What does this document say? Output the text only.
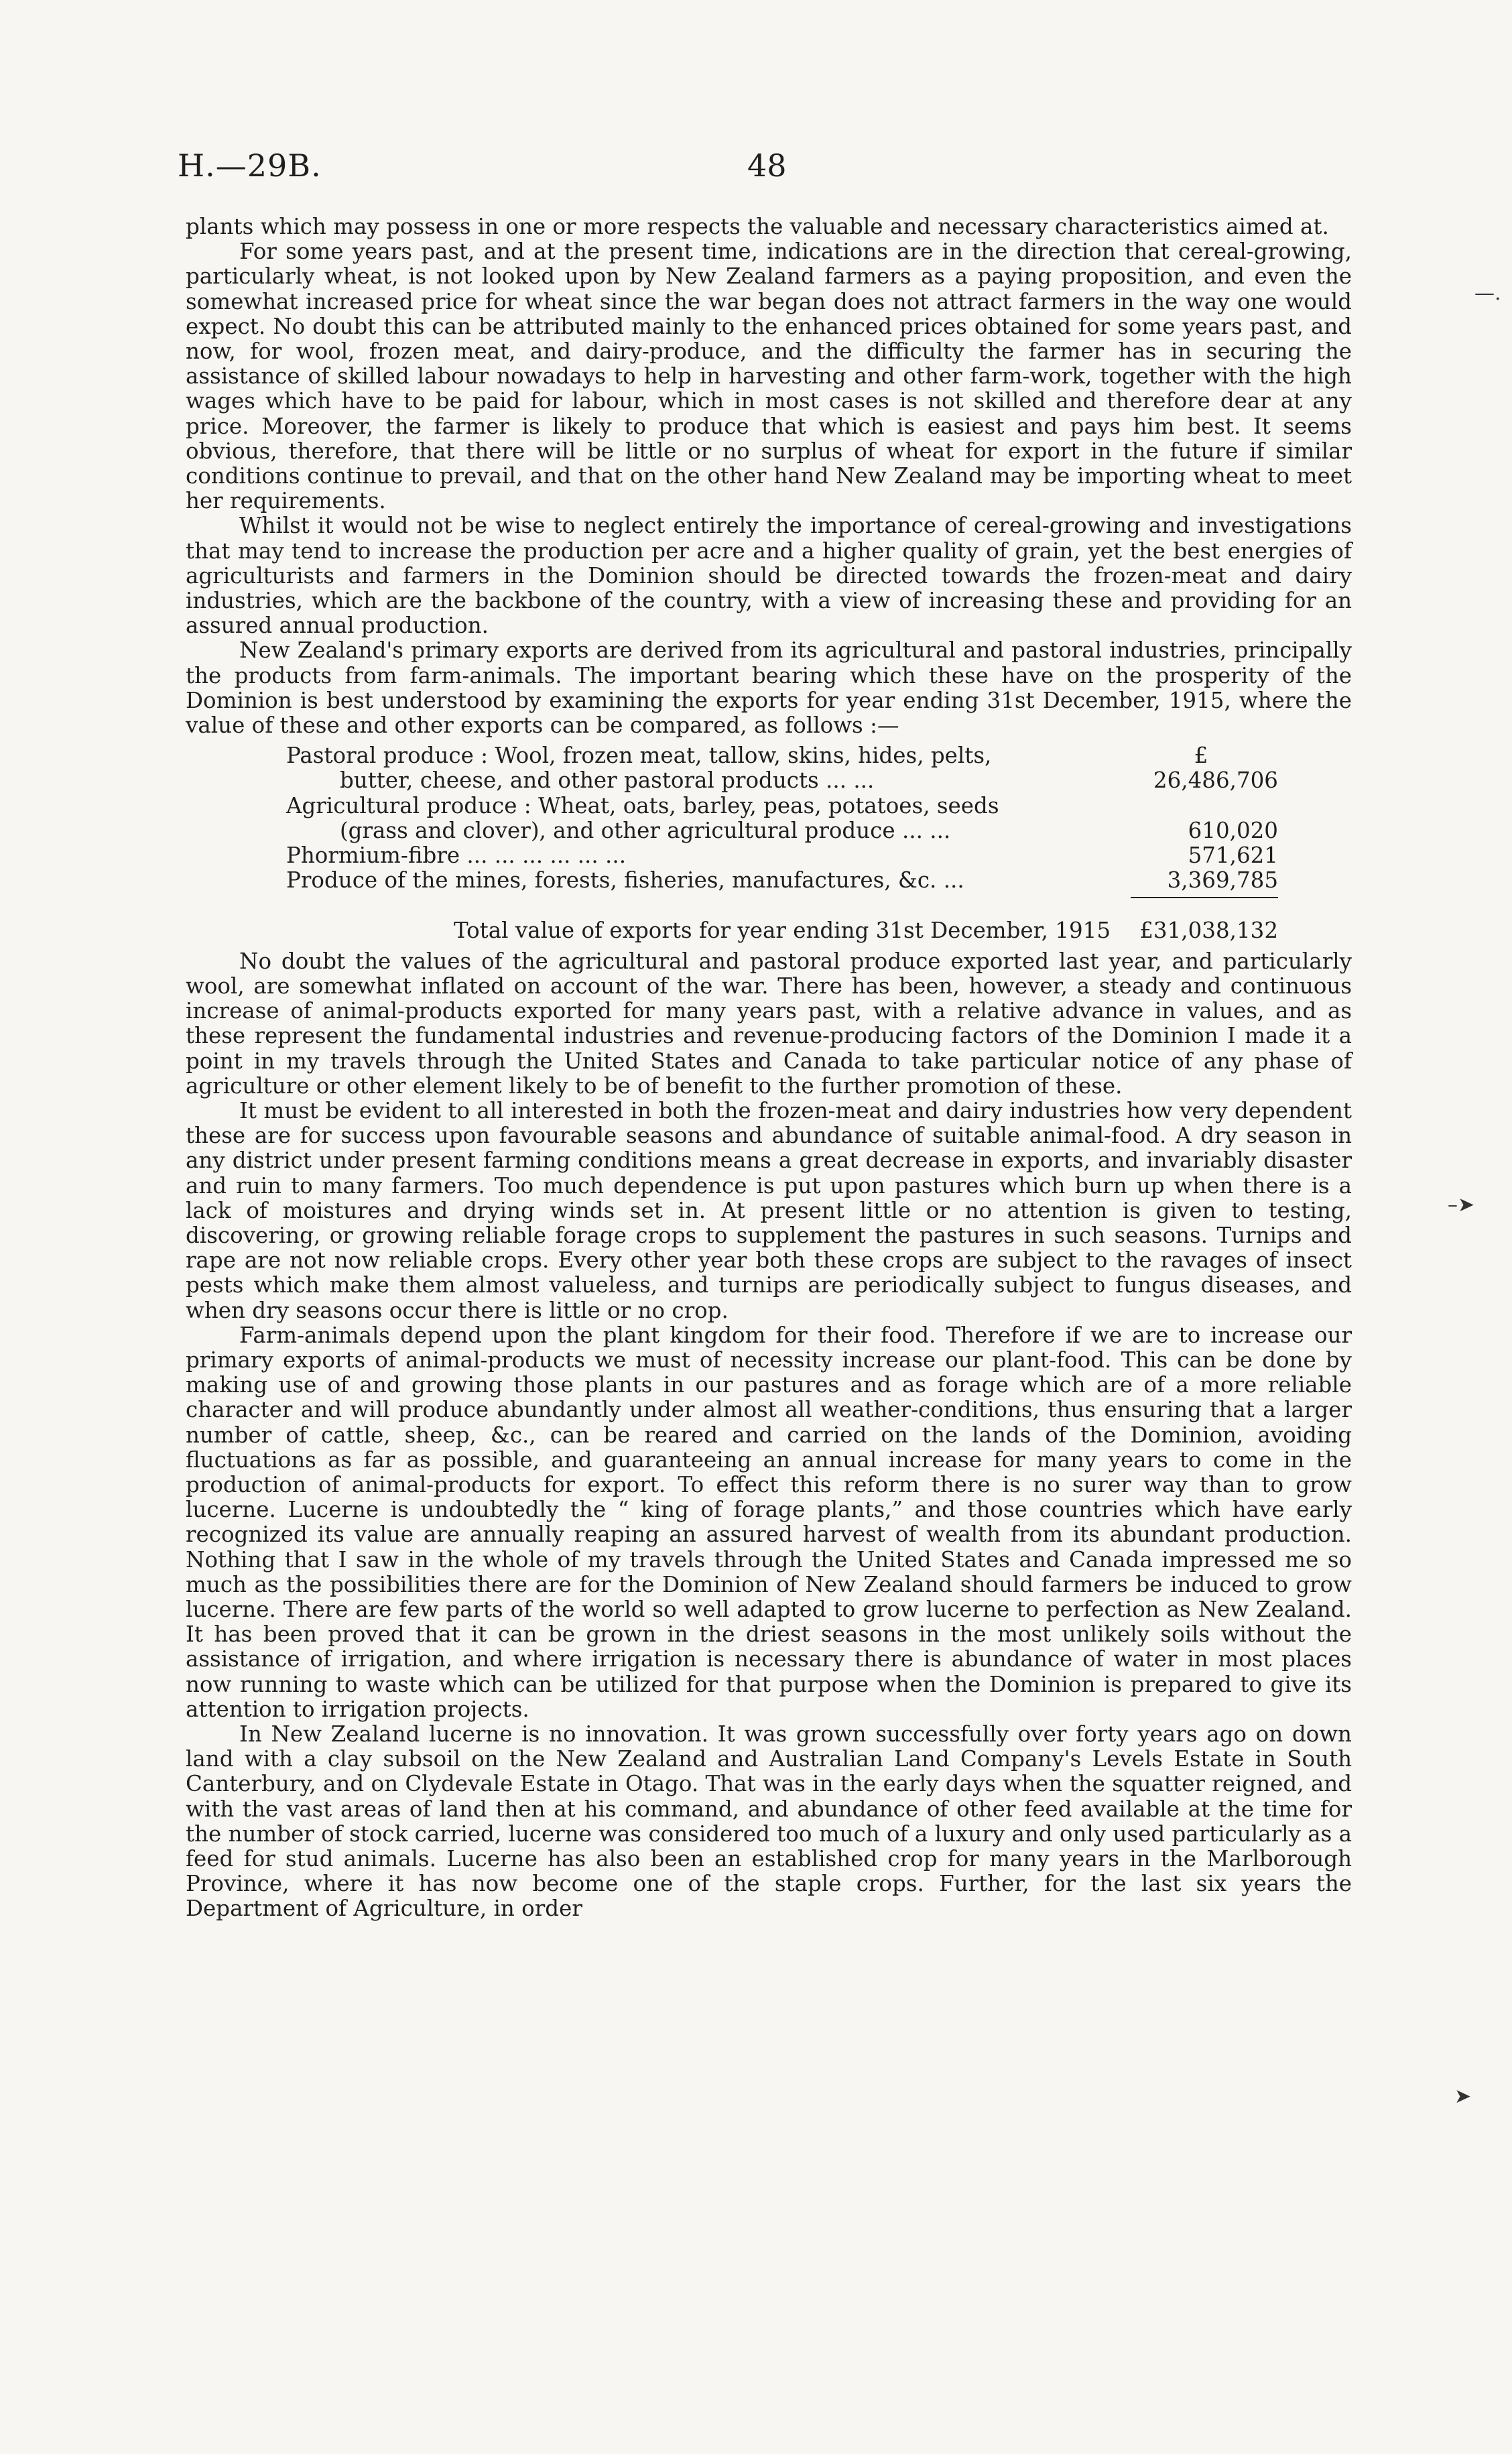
H.—29B.	48
—.
–➤
➤

plants which may possess in one or more respects the valuable and necessary characteristics aimed at.

For some years past, and at the present time, indications are in the direction that cereal-growing, particularly wheat, is not looked upon by New Zealand farmers as a paying proposition, and even the somewhat increased price for wheat since the war began does not attract farmers in the way one would expect. No doubt this can be attributed mainly to the enhanced prices obtained for some years past, and now, for wool, frozen meat, and dairy-produce, and the difficulty the farmer has in securing the assistance of skilled labour nowadays to help in harvesting and other farm-work, together with the high wages which have to be paid for labour, which in most cases is not skilled and therefore dear at any price. Moreover, the farmer is likely to produce that which is easiest and pays him best. It seems obvious, therefore, that there will be little or no surplus of wheat for export in the future if similar conditions continue to prevail, and that on the other hand New Zealand may be importing wheat to meet her requirements.

Whilst it would not be wise to neglect entirely the importance of cereal-growing and investigations that may tend to increase the production per acre and a higher quality of grain, yet the best energies of agriculturists and farmers in the Dominion should be directed towards the frozen-meat and dairy industries, which are the backbone of the country, with a view of increasing these and providing for an assured annual production.

New Zealand's primary exports are derived from its agricultural and pastoral industries, principally the products from farm-animals. The important bearing which these have on the prosperity of the Dominion is best understood by examining the exports for year ending 31st December, 1915, where the value of these and other exports can be compared, as follows :—

Pastoral produce : Wool, frozen meat, tallow, skins, hides, pelts,	£
butter, cheese, and other pastoral products ... ...	26,486,706
Agricultural produce : Wheat, oats, barley, peas, potatoes, seeds
(grass and clover), and other agricultural produce ... ...	610,020
Phormium-fibre ... ... ... ... ... ...	571,621
Produce of the mines, forests, fisheries, manufactures, &c. ...	3,369,785
Total value of exports for year ending 31st December, 1915	£31,038,132

No doubt the values of the agricultural and pastoral produce exported last year, and particularly wool, are somewhat inflated on account of the war. There has been, however, a steady and continuous increase of animal-products exported for many years past, with a relative advance in values, and as these represent the fundamental industries and revenue-producing factors of the Dominion I made it a point in my travels through the United States and Canada to take particular notice of any phase of agriculture or other element likely to be of benefit to the further promotion of these.

It must be evident to all interested in both the frozen-meat and dairy industries how very dependent these are for success upon favourable seasons and abundance of suitable animal-food. A dry season in any district under present farming conditions means a great decrease in exports, and invariably disaster and ruin to many farmers. Too much dependence is put upon pastures which burn up when there is a lack of moistures and drying winds set in. At present little or no attention is given to testing, discovering, or growing reliable forage crops to supplement the pastures in such seasons. Turnips and rape are not now reliable crops. Every other year both these crops are subject to the ravages of insect pests which make them almost valueless, and turnips are periodically subject to fungus diseases, and when dry seasons occur there is little or no crop.

Farm-animals depend upon the plant kingdom for their food. Therefore if we are to increase our primary exports of animal-products we must of necessity increase our plant-food. This can be done by making use of and growing those plants in our pastures and as forage which are of a more reliable character and will produce abundantly under almost all weather-conditions, thus ensuring that a larger number of cattle, sheep, &c., can be reared and carried on the lands of the Dominion, avoiding fluctuations as far as possible, and guaranteeing an annual increase for many years to come in the production of animal-products for export. To effect this reform there is no surer way than to grow lucerne. Lucerne is undoubtedly the “ king of forage plants,” and those countries which have early recognized its value are annually reaping an assured harvest of wealth from its abundant production. Nothing that I saw in the whole of my travels through the United States and Canada impressed me so much as the possibilities there are for the Dominion of New Zealand should farmers be induced to grow lucerne. There are few parts of the world so well adapted to grow lucerne to perfection as New Zealand. It has been proved that it can be grown in the driest seasons in the most unlikely soils without the assistance of irrigation, and where irrigation is necessary there is abundance of water in most places now running to waste which can be utilized for that purpose when the Dominion is prepared to give its attention to irrigation projects.

In New Zealand lucerne is no innovation. It was grown successfully over forty years ago on down land with a clay subsoil on the New Zealand and Australian Land Company's Levels Estate in South Canterbury, and on Clydevale Estate in Otago. That was in the early days when the squatter reigned, and with the vast areas of land then at his command, and abundance of other feed available at the time for the number of stock carried, lucerne was considered too much of a luxury and only used particularly as a feed for stud animals. Lucerne has also been an established crop for many years in the Marlborough Province, where it has now become one of the staple crops. Further, for the last six years the Department of Agriculture, in order
